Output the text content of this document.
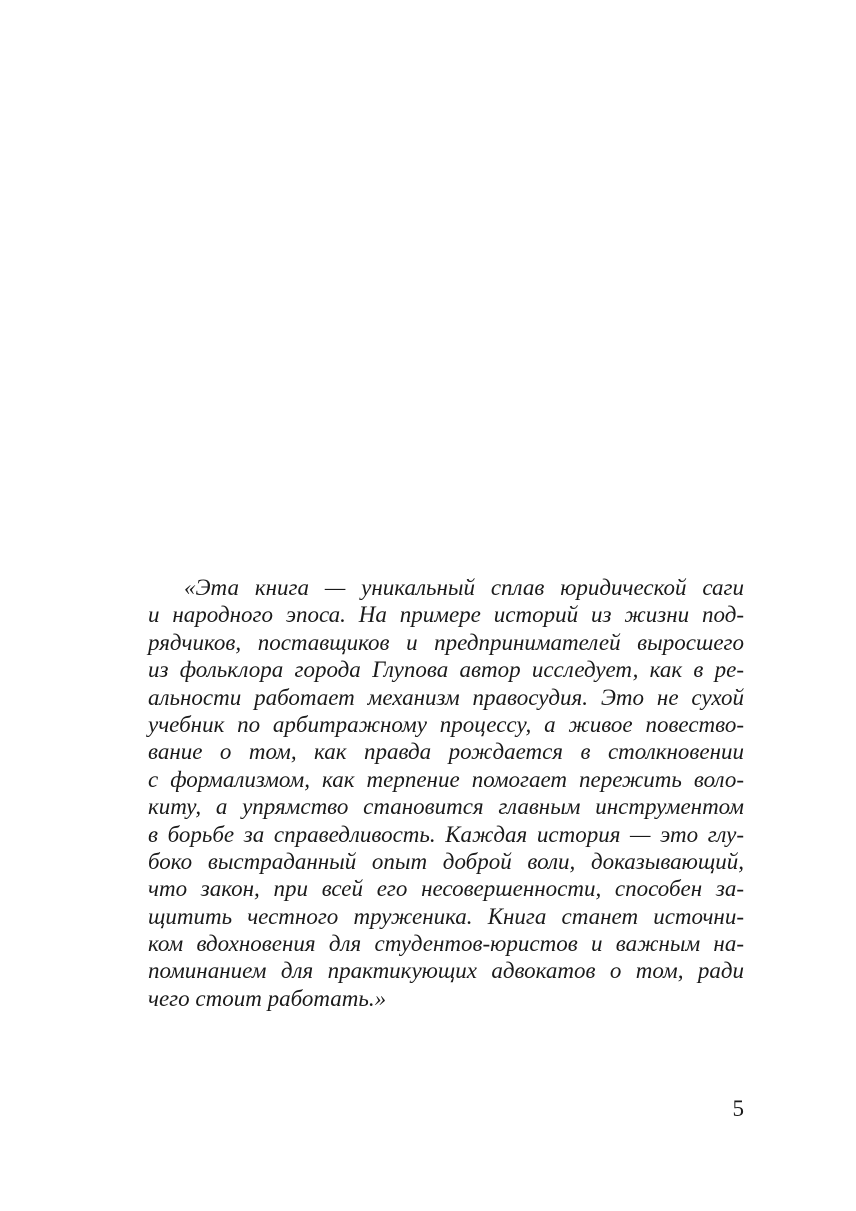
«Эта книга — уникальный сплав юридической саги
и народного эпоса. На примере историй из жизни под-
рядчиков, поставщиков и предпринимателей выросшего
из фольклора города Глупова автор исследует, как в ре-
альности работает механизм правосудия. Это не сухой
учебник по арбитражному процессу, а живое повество-
вание о том, как правда рождается в столкновении
с формализмом, как терпение помогает пережить воло-
киту, а упрямство становится главным инструментом
в борьбе за справедливость. Каждая история — это глу-
боко выстраданный опыт доброй воли, доказывающий,
что закон, при всей его несовершенности, способен за-
щитить честного труженика. Книга станет источни-
ком вдохновения для студентов-юристов и важным на-
поминанием для практикующих адвокатов о том, ради
чего стоит работать.»
5
